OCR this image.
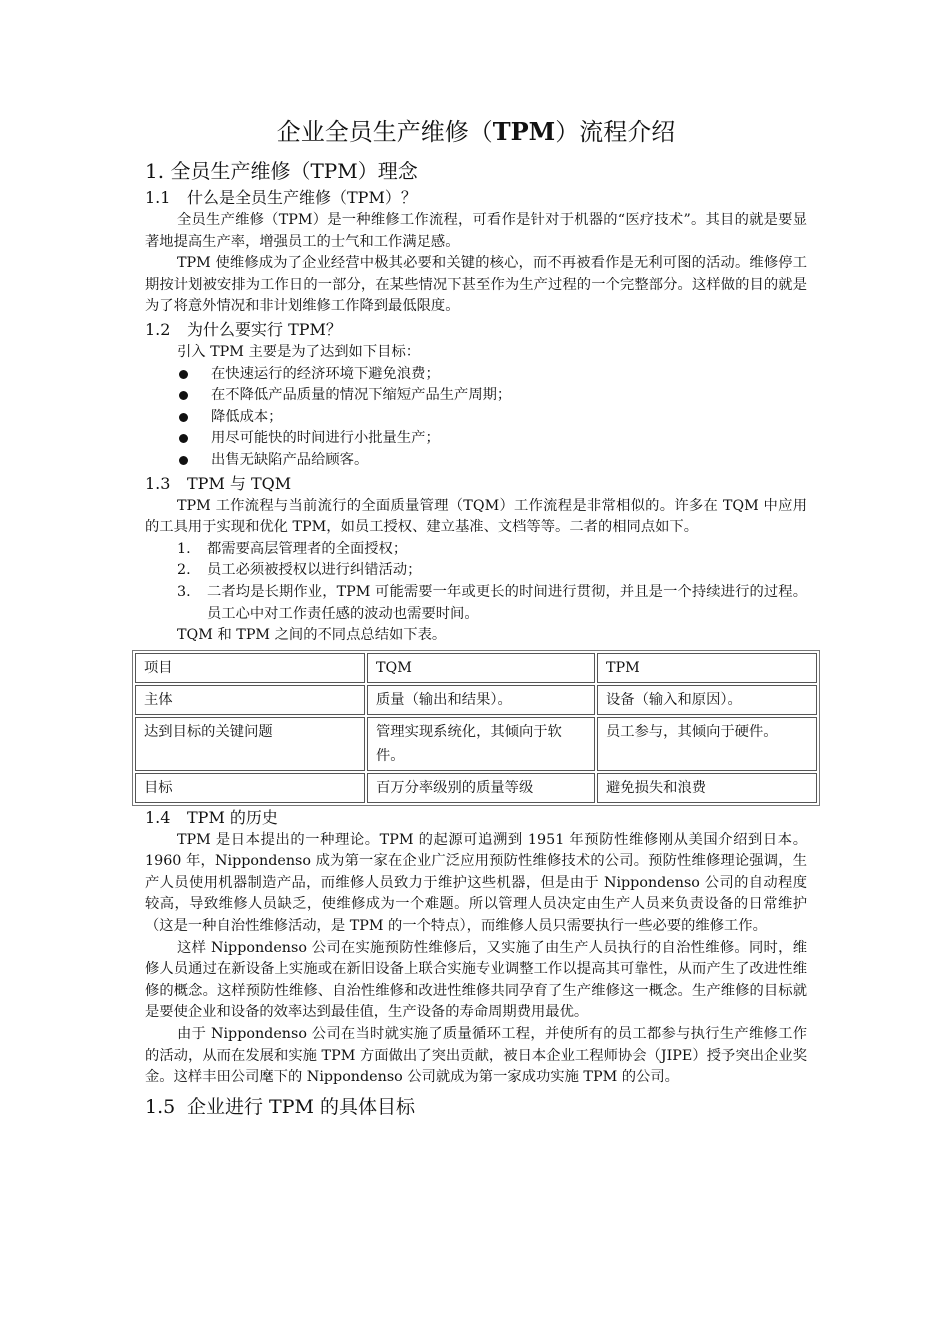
企业全员生产维修（TPM）流程介绍
1. 全员生产维修（TPM）理念
1.1 什么是全员生产维修（TPM）？

全员生产维修（TPM）是一种维修工作流程，可看作是针对于机器的“医疗技术”。其目的就是要显著地提高生产率，增强员工的士气和工作满足感。

TPM 使维修成为了企业经营中极其必要和关键的核心，而不再被看作是无利可图的活动。维修停工期按计划被安排为工作日的一部分，在某些情况下甚至作为生产过程的一个完整部分。这样做的目的就是为了将意外情况和非计划维修工作降到最低限度。

1.2 为什么要实行 TPM？

引入 TPM 主要是为了达到如下目标：

在快速运行的经济环境下避免浪费；
在不降低产品质量的情况下缩短产品生产周期；
降低成本；
用尽可能快的时间进行小批量生产；
出售无缺陷产品给顾客。
1.3 TPM 与 TQM

TPM 工作流程与当前流行的全面质量管理（TQM）工作流程是非常相似的。许多在 TQM 中应用的工具用于实现和优化 TPM，如员工授权、建立基准、文档等等。二者的相同点如下。

1. 都需要高层管理者的全面授权；
2. 员工必须被授权以进行纠错活动；
3. 二者均是长期作业，TPM 可能需要一年或更长的时间进行贯彻，并且是一个持续进行的过程。员工心中对工作责任感的波动也需要时间。

TQM 和 TPM 之间的不同点总结如下表。

项目	TQM	TPM
主体	质量（输出和结果）。	设备（输入和原因）。
达到目标的关键问题	管理实现系统化，其倾向于软件。	员工参与，其倾向于硬件。
目标	百万分率级别的质量等级	避免损失和浪费
1.4 TPM 的历史

TPM 是日本提出的一种理论。TPM 的起源可追溯到 1951 年预防性维修刚从美国介绍到日本。1960 年，Nippondenso 成为第一家在企业广泛应用预防性维修技术的公司。预防性维修理论强调，生产人员使用机器制造产品，而维修人员致力于维护这些机器，但是由于 Nippondenso 公司的自动程度较高，导致维修人员缺乏，使维修成为一个难题。所以管理人员决定由生产人员来负责设备的日常维护（这是一种自治性维修活动，是 TPM 的一个特点），而维修人员只需要执行一些必要的维修工作。

这样 Nippondenso 公司在实施预防性维修后，又实施了由生产人员执行的自治性维修。同时，维修人员通过在新设备上实施或在新旧设备上联合实施专业调整工作以提高其可靠性，从而产生了改进性维修的概念。这样预防性维修、自治性维修和改进性维修共同孕育了生产维修这一概念。生产维修的目标就是要使企业和设备的效率达到最佳值，生产设备的寿命周期费用最优。

由于 Nippondenso 公司在当时就实施了质量循环工程，并使所有的员工都参与执行生产维修工作的活动，从而在发展和实施 TPM 方面做出了突出贡献，被日本企业工程师协会（JIPE）授予突出企业奖金。这样丰田公司麾下的 Nippondenso 公司就成为第一家成功实施 TPM 的公司。

1.5 企业进行 TPM 的具体目标
